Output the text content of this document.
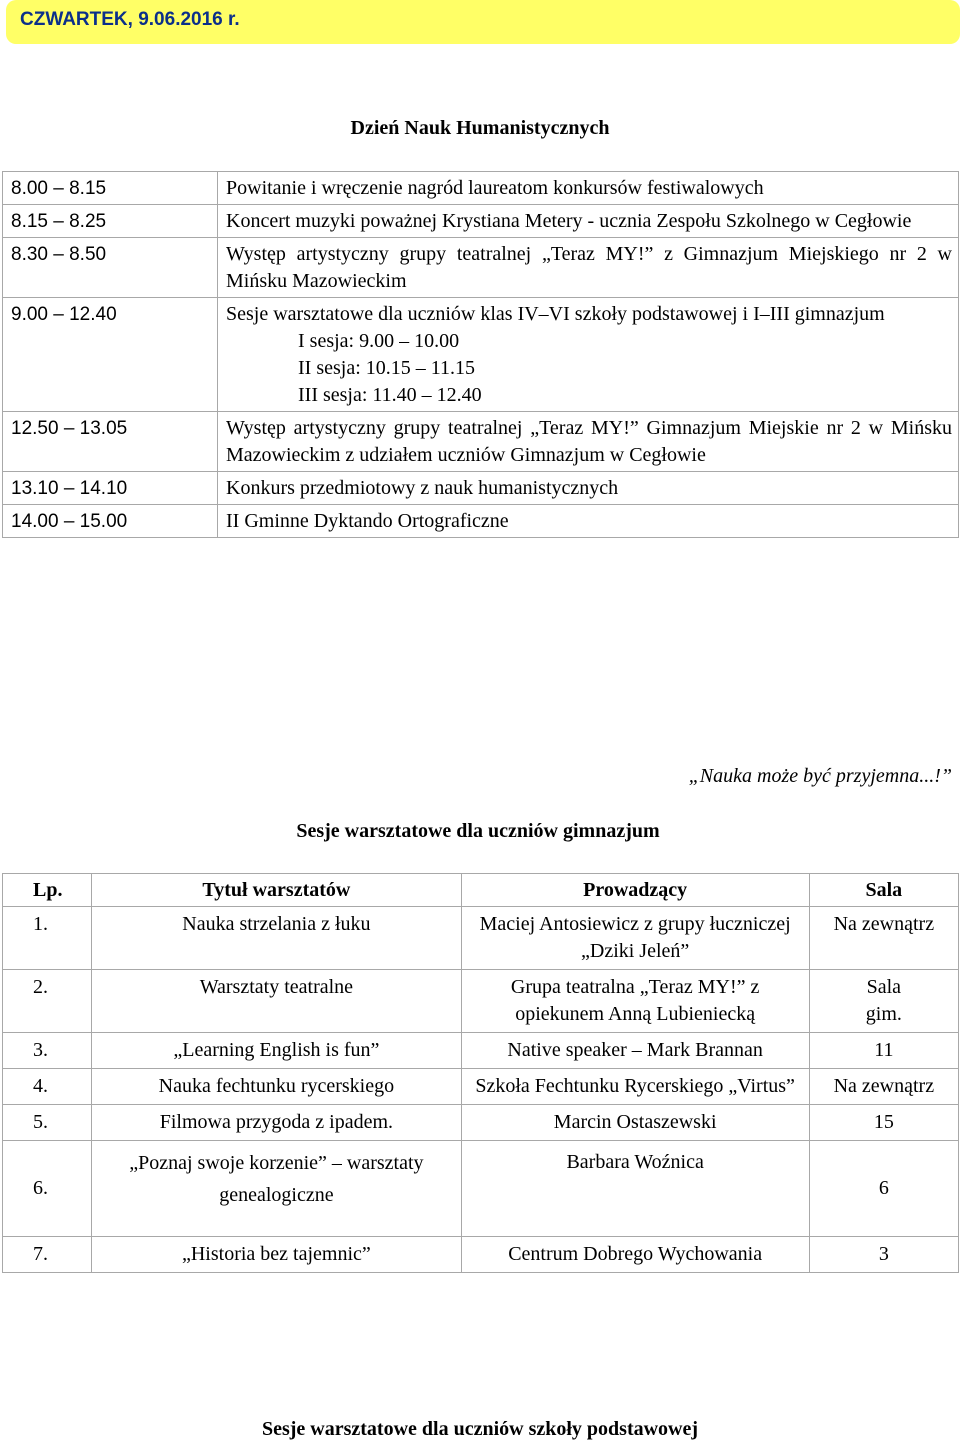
CZWARTEK, 9.06.2016 r.
Dzień Nauk Humanistycznych
8.00 – 8.15	Powitanie i wręczenie nagród laureatom konkursów festiwalowych
8.15 – 8.25	Koncert muzyki poważnej Krystiana Metery - ucznia Zespołu Szkolnego w Cegłowie
8.30 – 8.50	Występ artystyczny grupy teatralnej „Teraz MY!” z Gimnazjum Miejskiego nr 2 w Mińsku Mazowieckim
9.00 – 12.40	Sesje warsztatowe dla uczniów klas IV–VI szkoły podstawowej i I–III gimnazjum
I sesja: 9.00 – 10.00
II sesja: 10.15 – 11.15
III sesja: 11.40 – 12.40

12.50 – 13.05	Występ artystyczny grupy teatralnej „Teraz MY!” Gimnazjum Miejskie nr 2 w Mińsku Mazowieckim z udziałem uczniów Gimnazjum w Cegłowie
13.10 – 14.10	Konkurs przedmiotowy z nauk humanistycznych
14.00 – 15.00	II Gminne Dyktando Ortograficzne
„Nauka może być przyjemna...!”
Sesje warsztatowe dla uczniów gimnazjum
Lp.	Tytuł warsztatów	Prowadzący	Sala
1.	Nauka strzelania z łuku	Maciej Antosiewicz z grupy łuczniczej „Dziki Jeleń”	Na zewnątrz
2.	Warsztaty teatralne	Grupa teatralna „Teraz MY!” z opiekunem Anną Lubieniecką	Sala gim.
3.	„Learning English is fun”	Native speaker – Mark Brannan	11
4.	Nauka fechtunku rycerskiego	Szkoła Fechtunku Rycerskiego „Virtus”	Na zewnątrz
5.	Filmowa przygoda z ipadem.	Marcin Ostaszewski	15
6.	„Poznaj swoje korzenie” – warsztaty genealogiczne	Barbara Woźnica	6
7.	„Historia bez tajemnic”	Centrum Dobrego Wychowania	3
Sesje warsztatowe dla uczniów szkoły podstawowej
